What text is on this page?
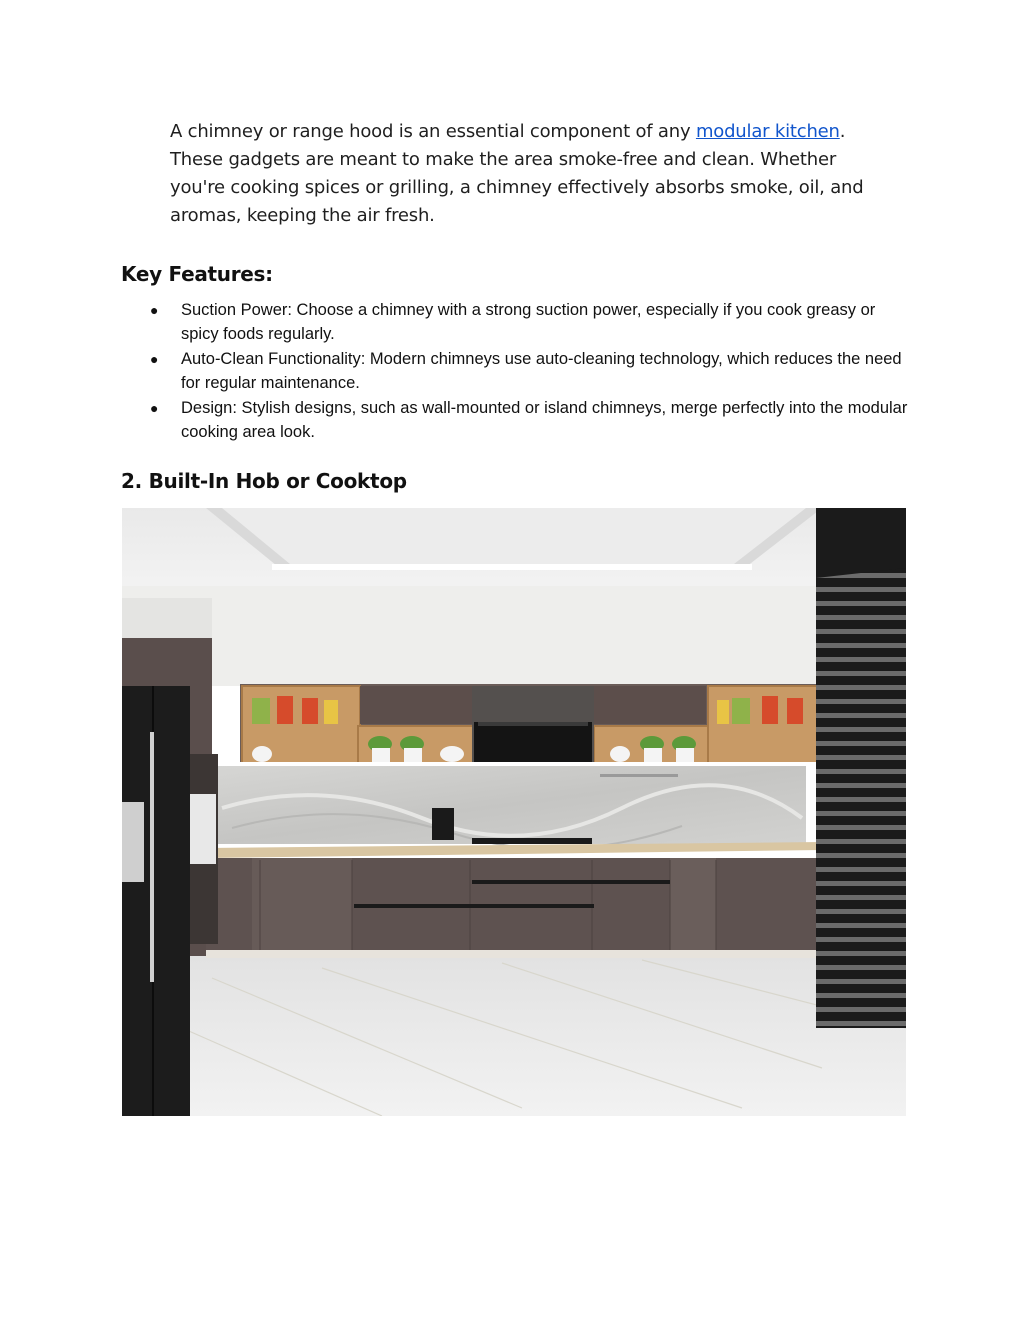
A chimney or range hood is an essential component of any modular kitchen. These gadgets are meant to make the area smoke-free and clean. Whether you're cooking spices or grilling, a chimney effectively absorbs smoke, oil, and aromas, keeping the air fresh.

Key Features:
● Suction Power: Choose a chimney with a strong suction power, especially if you cook greasy or spicy foods regularly.
● Auto-Clean Functionality: Modern chimneys use auto-cleaning technology, which reduces the need for regular maintenance.
● Design: Stylish designs, such as wall-mounted or island chimneys, merge perfectly into the modular cooking area look.
2. Built-In Hob or Cooktop
